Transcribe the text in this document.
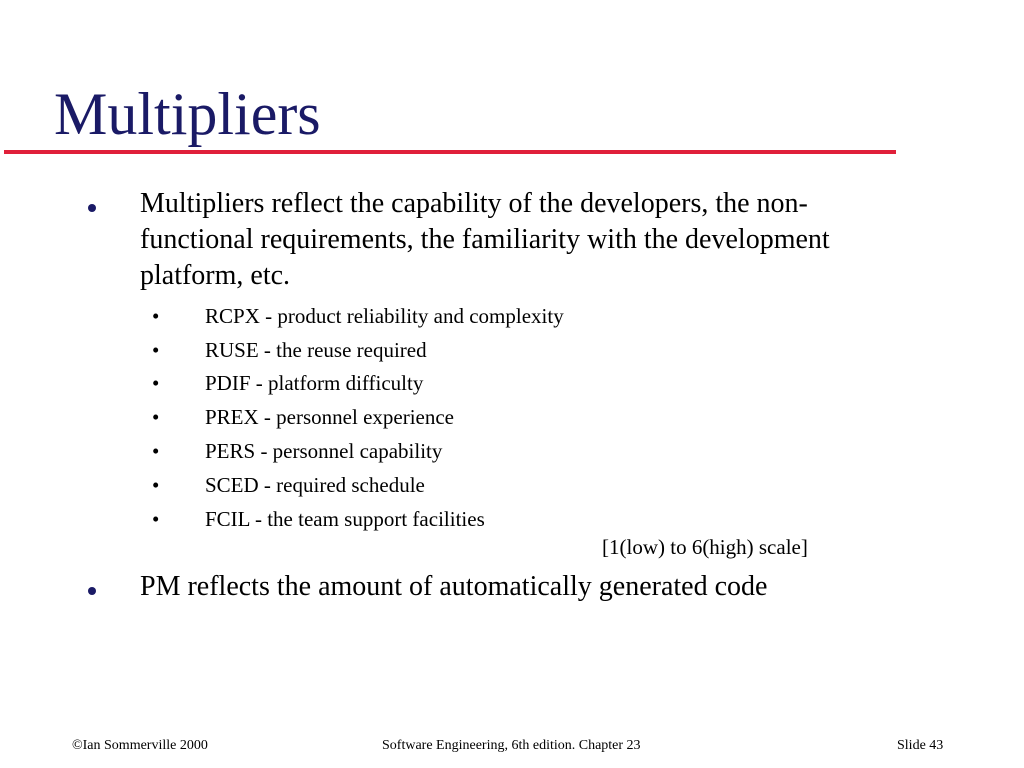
Multipliers

Multipliers reflect the capability of the developers, the non-functional requirements, the familiarity with the development platform, etc.

• RCPX - product reliability and complexity
• RUSE - the reuse required
• PDIF - platform difficulty
• PREX - personnel experience
• PERS - personnel capability
• SCED - required schedule
• FCIL - the team support facilities
[1(low) to 6(high) scale]

PM reflects the amount of automatically generated code

©Ian Sommerville 2000	Software Engineering, 6th edition. Chapter 23	Slide 43
